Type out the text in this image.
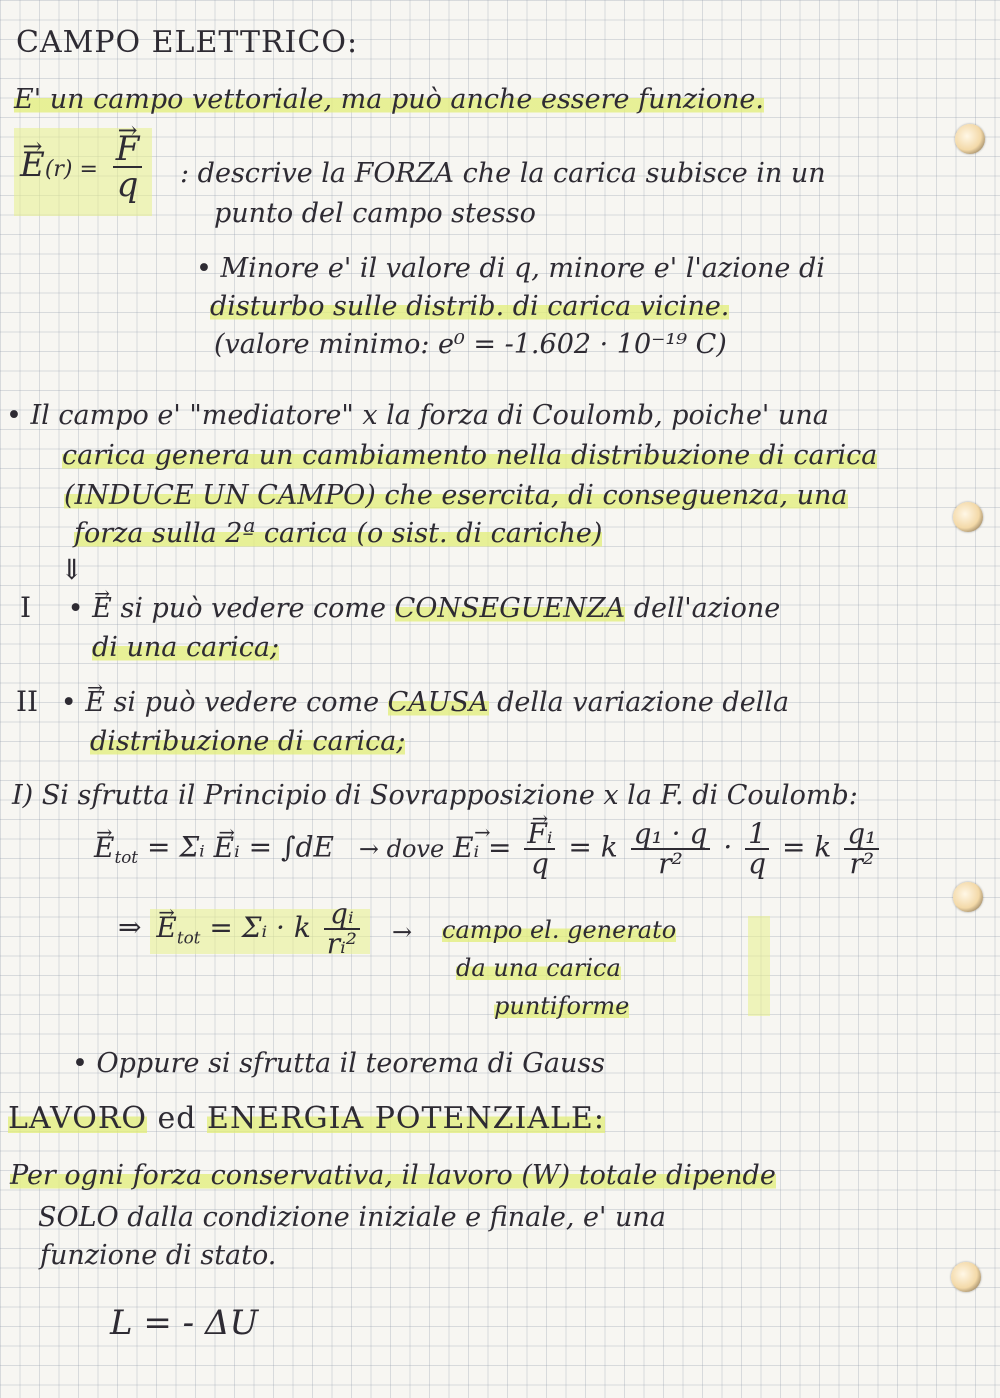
CAMPO ELETTRICO:
E' un campo vettoriale, ma può anche essere funzione.
→ E(r) = → $\frac{F}{q}$ : descrive la FORZA che la carica subisce in un
punto del campo stesso
• Minore e' il valore di q, minore e' l'azione di
disturbo sulle distrib. di carica vicine.
(valore minimo: e⁰ = -1.602 · 10⁻¹⁹ C)
• Il campo e' "mediatore" x la forza di Coulomb, poiche' una
carica genera un cambiamento nella distribuzione di carica
(INDUCE UN CAMPO) che esercita, di conseguenza, una
forza sulla 2ª carica (o sist. di cariche)
⇓
I • → E si può vedere come CONSEGUENZA dell'azione
di una carica;
II • → E si può vedere come CAUSA della variazione della
distribuzione di carica;
I) Si sfrutta il Principio di Sovrapposizione x la F. di Coulomb:
→ $E_{tot}$ = Σᵢ → Eᵢ = ∫dE → dove → Eᵢ = → $\frac{\text{Fᵢ}}{q} = k \frac{\text{q₁ · q}}{\text{r²}} \cdot \frac{1}{q} = k \frac{\text{q₁}}{\text{r²}}$
⇒ → $E_{tot}$ = Σᵢ · k $\frac{\text{qᵢ}}{\text{rᵢ²}}$ → campo el. generato
da una carica
puntiforme
• Oppure si sfrutta il teorema di Gauss
LAVORO ed ENERGIA POTENZIALE:
Per ogni forza conservativa, il lavoro (W) totale dipende
SOLO dalla condizione iniziale e finale, e' una
funzione di stato.
L = - ΔU
